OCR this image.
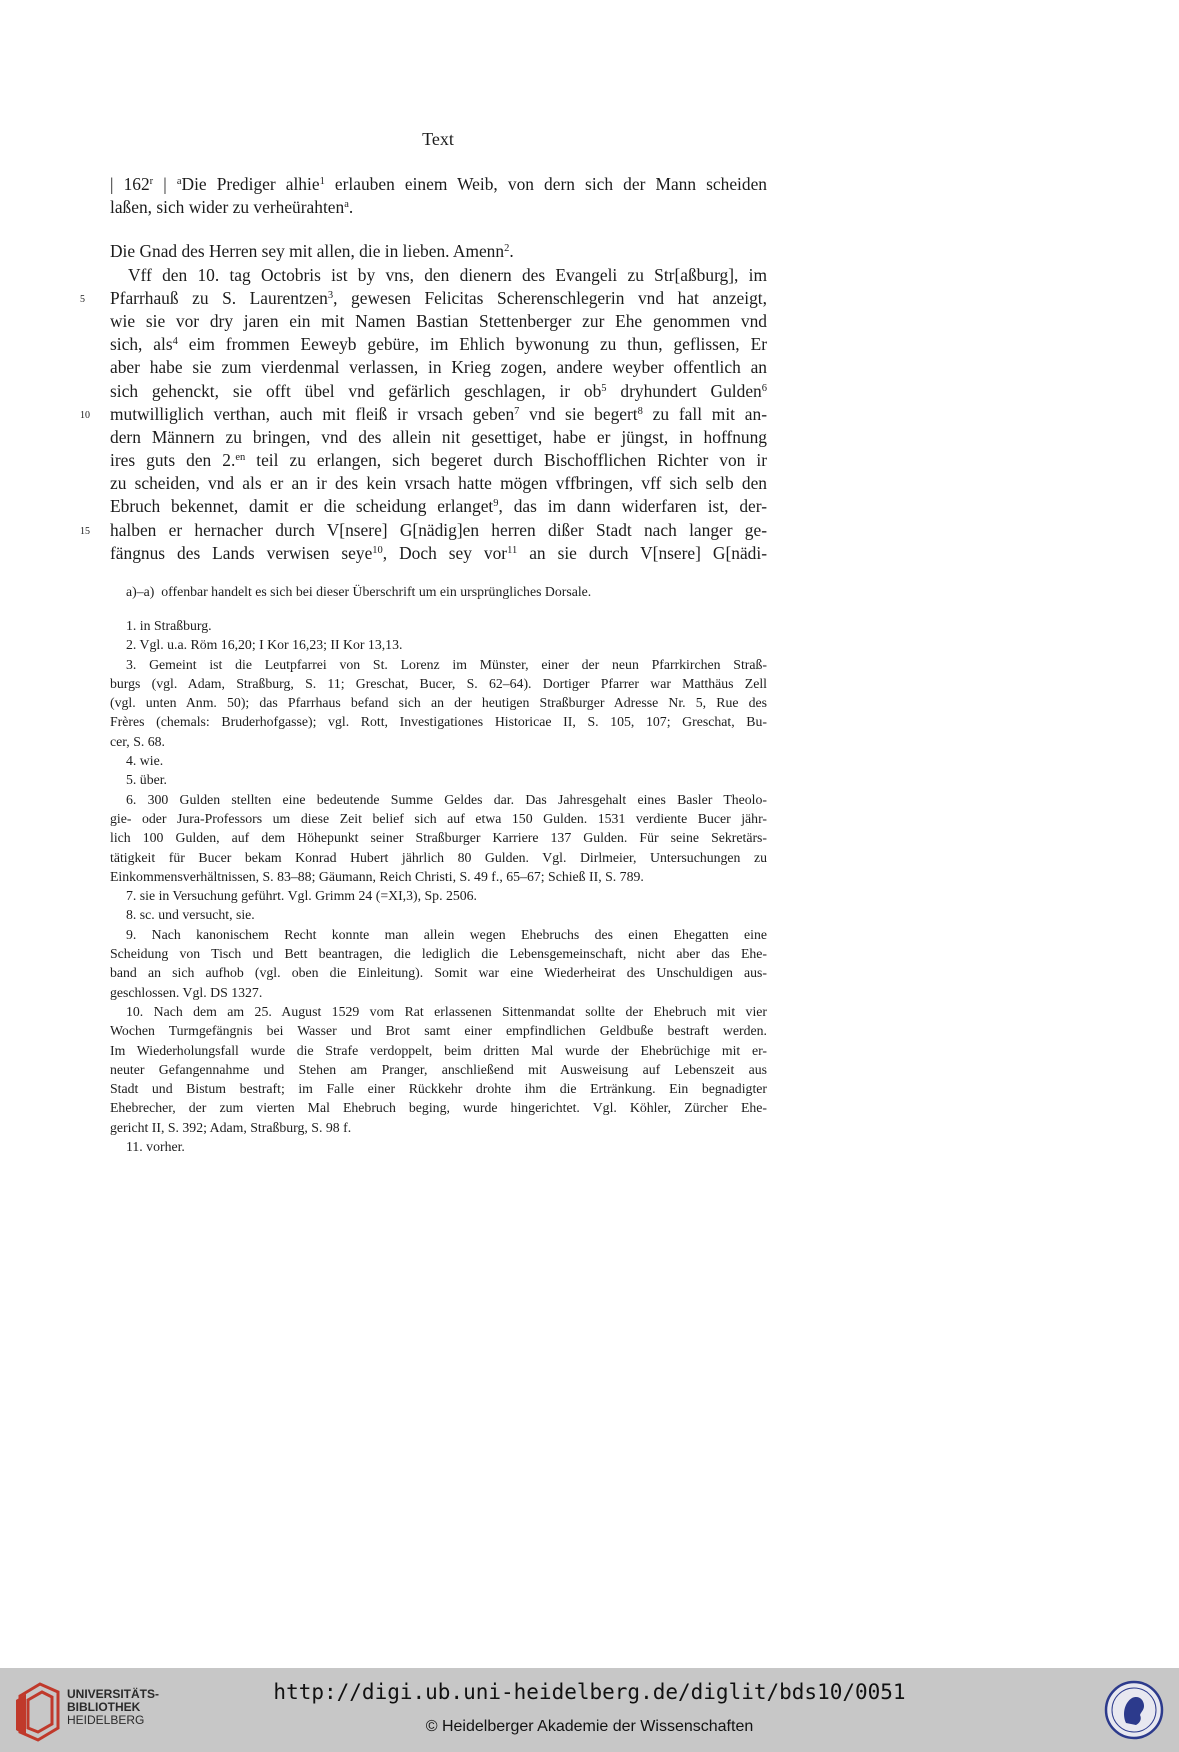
Text
| 162$^r$ | $^a$Die Prediger alhie$^1$ erlauben einem Weib, von dern sich der Mann scheiden
laßen, sich wider zu verheürahten$^a$.
Die Gnad des Herren sey mit allen, die in lieben. Amenn$^2$.
Vff den 10. tag Octobris ist by vns, den dienern des Evangeli zu Str[aßburg], im
5 Pfarrhauß zu S. Laurentzen$^3$, gewesen Felicitas Scherenschlegerin vnd hat anzeigt,
wie sie vor dry jaren ein mit Namen Bastian Stettenberger zur Ehe genommen vnd
sich, als$^4$ eim frommen Eeweyb gebüre, im Ehlich bywonung zu thun, geflissen, Er
aber habe sie zum vierdenmal verlassen, in Krieg zogen, andere weyber offentlich an
sich gehenckt, sie offt übel vnd gefärlich geschlagen, ir $ob^5$ dryhundert Gulden$^6$
10 mutwilliglich verthan, auch mit fleiß ir vrsach geben$^7$ vnd sie begert$^8$ zu fall mit an-
dern Männern zu bringen, vnd des allein nit gesettiget, habe er jüngst, in hoffnung
ires guts den 2.$^{en}$ teil zu erlangen, sich begeret durch Bischofflichen Richter von ir
zu scheiden, vnd als er an ir des kein vrsach hatte mögen vffbringen, vff sich selb den
Ebruch bekennet, damit er die scheidung erlanget$^9$, das im dann widerfaren ist, der-
15 halben er hernacher durch V[nsere] G[nädig]en herren dißer Stadt nach langer ge-
fängnus des Lands verwisen seye$^{10}$, Doch sey vor$^{11}$ an sie durch V[nsere] G[nädi-
a)–a) offenbar handelt es sich bei dieser Überschrift um ein ursprüngliches Dorsale.
1. in Straßburg.
2. Vgl. u.a. Röm 16,20; I Kor 16,23; II Kor 13,13.
3. Gemeint ist die Leutpfarrei von St. Lorenz im Münster, einer der neun Pfarrkirchen Straß-
burgs (vgl. Adam, Straßburg, S. 11; Greschat, Bucer, S. 62–64). Dortiger Pfarrer war Matthäus Zell
(vgl. unten Anm. 50); das Pfarrhaus befand sich an der heutigen Straßburger Adresse Nr. 5, Rue des
Frères (chemals: Bruderhofgasse); vgl. Rott, Investigationes Historicae II, S. 105, 107; Greschat, Bu-
cer, S. 68.
4. wie.
5. über.
6. 300 Gulden stellten eine bedeutende Summe Geldes dar. Das Jahresgehalt eines Basler Theolo-
gie- oder Jura-Professors um diese Zeit belief sich auf etwa 150 Gulden. 1531 verdiente Bucer jähr-
lich 100 Gulden, auf dem Höhepunkt seiner Straßburger Karriere 137 Gulden. Für seine Sekretärs-
tätigkeit für Bucer bekam Konrad Hubert jährlich 80 Gulden. Vgl. Dirlmeier, Untersuchungen zu
Einkommensverhältnissen, S. 83–88; Gäumann, Reich Christi, S. 49 f., 65–67; Schieß II, S. 789.
7. sie in Versuchung geführt. Vgl. Grimm 24 (=XI,3), Sp. 2506.
8. sc. und versucht, sie.
9. Nach kanonischem Recht konnte man allein wegen Ehebruchs des einen Ehegatten eine
Scheidung von Tisch und Bett beantragen, die lediglich die Lebensgemeinschaft, nicht aber das Ehe-
band an sich aufhob (vgl. oben die Einleitung). Somit war eine Wiederheirat des Unschuldigen aus-
geschlossen. Vgl. DS 1327.
10. Nach dem am 25. August 1529 vom Rat erlassenen Sittenmandat sollte der Ehebruch mit vier
Wochen Turmgefängnis bei Wasser und Brot samt einer empfindlichen Geldbuße bestraft werden.
Im Wiederholungsfall wurde die Strafe verdoppelt, beim dritten Mal wurde der Ehebrüchige mit er-
neuter Gefangennahme und Stehen am Pranger, anschließend mit Ausweisung auf Lebenszeit aus
Stadt und Bistum bestraft; im Falle einer Rückkehr drohte ihm die Ertränkung. Ein begnadigter
Ehebrecher, der zum vierten Mal Ehebruch beging, wurde hingerichtet. Vgl. Köhler, Zürcher Ehe-
gericht II, S. 392; Adam, Straßburg, S. 98 f.
11. vorher.
UNIVERSITÄTS-
BIBLIOTHEK
HEIDELBERG
http://digi.ub.uni-heidelberg.de/diglit/bds10/0051
© Heidelberger Akademie der Wissenschaften
